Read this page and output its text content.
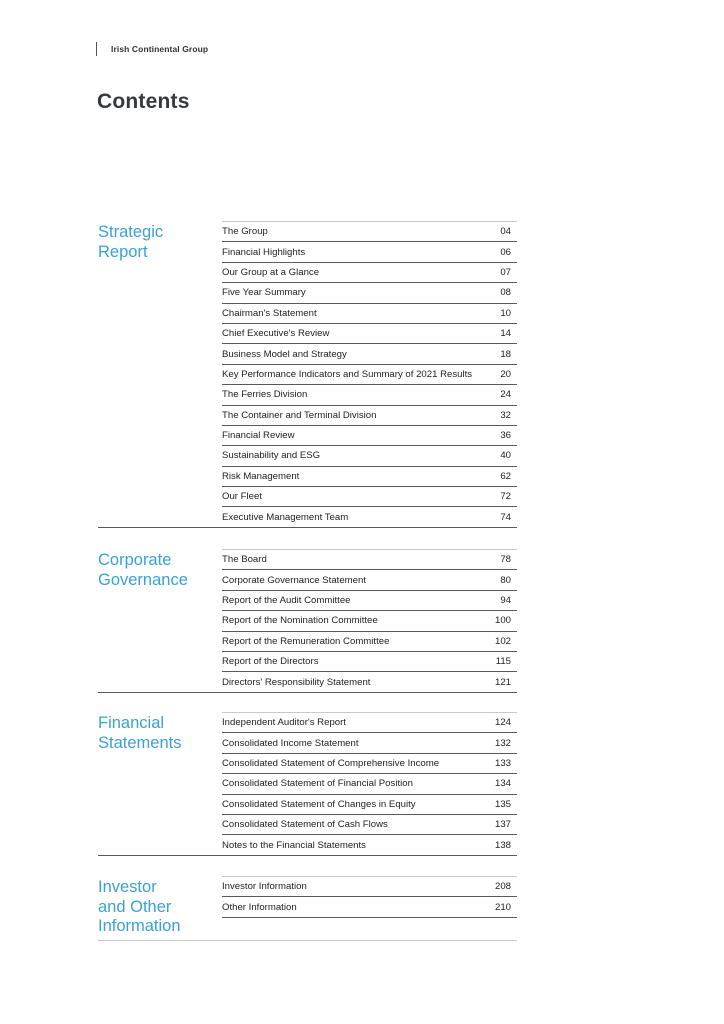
Irish Continental Group
Contents
Strategic
Report
The Group	04
Financial Highlights	06
Our Group at a Glance	07
Five Year Summary	08
Chairman's Statement	10
Chief Executive's Review	14
Business Model and Strategy	18
Key Performance Indicators and Summary of 2021 Results	20
The Ferries Division	24
The Container and Terminal Division	32
Financial Review	36
Sustainability and ESG	40
Risk Management	62
Our Fleet	72
Executive Management Team	74
Corporate
Governance
The Board	78
Corporate Governance Statement	80
Report of the Audit Committee	94
Report of the Nomination Committee	100
Report of the Remuneration Committee	102
Report of the Directors	115
Directors' Responsibility Statement	121
Financial
Statements
Independent Auditor's Report	124
Consolidated Income Statement	132
Consolidated Statement of Comprehensive Income	133
Consolidated Statement of Financial Position	134
Consolidated Statement of Changes in Equity	135
Consolidated Statement of Cash Flows	137
Notes to the Financial Statements	138
Investor
and Other
Information
Investor Information	208
Other Information	210
